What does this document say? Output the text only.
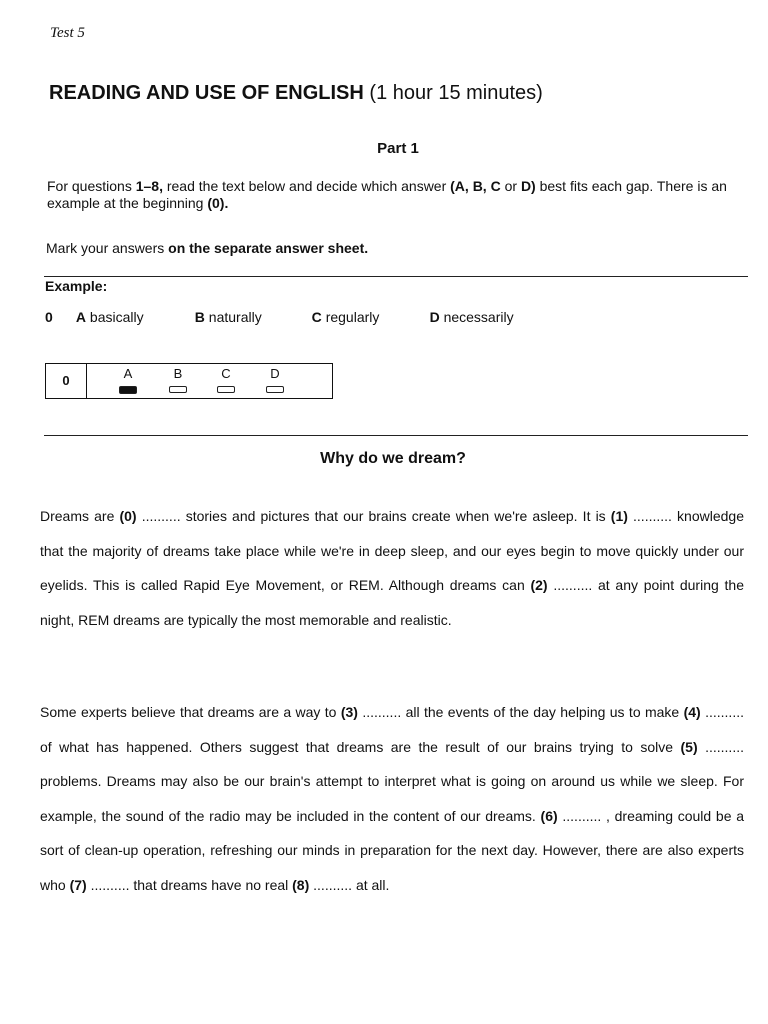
Test 5
READING AND USE OF ENGLISH (1 hour 15 minutes)
Part 1
For questions 1–8, read the text below and decide which answer (A, B, C or D) best fits each gap. There is an example at the beginning (0).
Mark your answers on the separate answer sheet.
Example:
0 A basically	B naturally	C regularly	D necessarily
0	A	B	C	D
Why do we dream?
Dreams are (0) .......... stories and pictures that our brains create when we're asleep. It is (1) .......... knowledge that the majority of dreams take place while we're in deep sleep, and our eyes begin to move quickly under our eyelids. This is called Rapid Eye Movement, or REM. Although dreams can (2) .......... at any point during the night, REM dreams are typically the most memorable and realistic.
Some experts believe that dreams are a way to (3) .......... all the events of the day helping us to make (4) .......... of what has happened. Others suggest that dreams are the result of our brains trying to solve (5) .......... problems. Dreams may also be our brain's attempt to interpret what is going on around us while we sleep. For example, the sound of the radio may be included in the content of our dreams. (6) .......... , dreaming could be a sort of clean-up operation, refreshing our minds in preparation for the next day. However, there are also experts who (7) .......... that dreams have no real (8) .......... at all.
